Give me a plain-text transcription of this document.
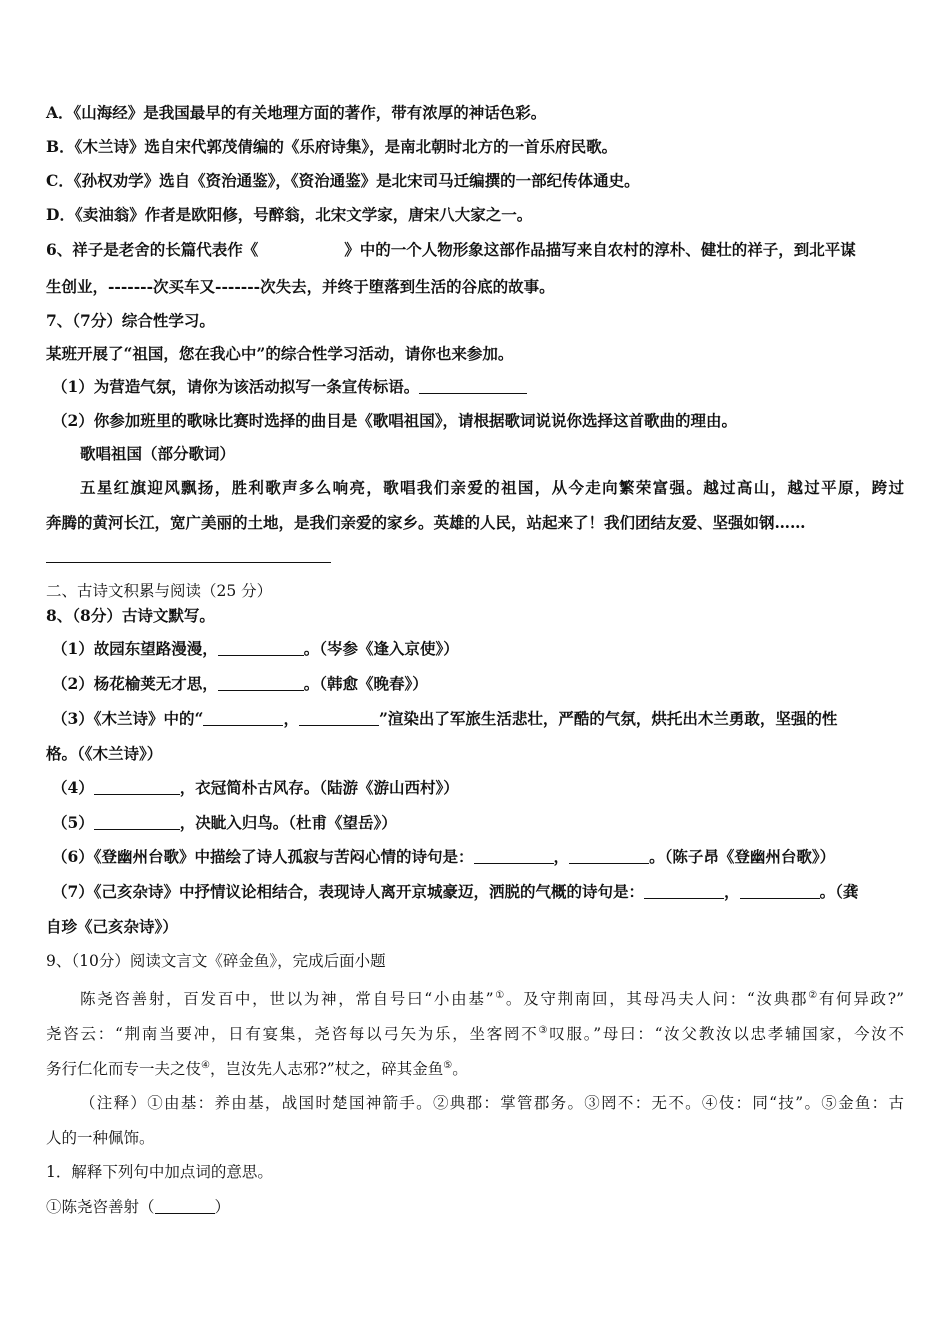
A．《山海经》是我国最早的有关地理方面的著作，带有浓厚的神话色彩。
B．《木兰诗》选自宋代郭茂倩编的《乐府诗集》，是南北朝时北方的一首乐府民歌。
C．《孙权劝学》选自《资治通鉴》，《资治通鉴》是北宋司马迁编撰的一部纪传体通史。
D．《卖油翁》作者是欧阳修，号醉翁，北宋文学家，唐宋八大家之一。
6、祥子是老舍的长篇代表作《	》中的一个人物形象这部作品描写来自农村的淳朴、健壮的祥子，到北平谋
生创业，-------次买车又-------次失去，并终于堕落到生活的谷底的故事。
7、（7分）综合性学习。
某班开展了“祖国，您在我心中”的综合性学习活动，请你也来参加。
（1）为营造气氛，请你为该活动拟写一条宣传标语。
（2）你参加班里的歌咏比赛时选择的曲目是《歌唱祖国》，请根据歌词说说你选择这首歌曲的理由。
歌唱祖国（部分歌词）
五星红旗迎风飘扬，胜利歌声多么响亮，歌唱我们亲爱的祖国，从今走向繁荣富强。越过高山，越过平原，跨过
奔腾的黄河长江，宽广美丽的土地，是我们亲爱的家乡。英雄的人民，站起来了！我们团结友爱、坚强如钢……
二、古诗文积累与阅读（25 分）
8、（8分）古诗文默写。
（1）故园东望路漫漫，	。（岑参《逢入京使》）
（2）杨花榆荚无才思，	。（韩愈《晚春》）
（3）《木兰诗》中的“	，	”渲染出了军旅生活悲壮，严酷的气氛，烘托出木兰勇敢，坚强的性
格。（《木兰诗》）
（4）	，衣冠简朴古风存。（陆游《游山西村》）
（5）	，决眦入归鸟。（杜甫《望岳》）
（6）《登幽州台歌》中描绘了诗人孤寂与苦闷心情的诗句是：	，	。（陈子昂《登幽州台歌》）
（7）《己亥杂诗》中抒情议论相结合，表现诗人离开京城豪迈，洒脱的气概的诗句是：	，	。（龚
自珍《己亥杂诗》）
9、（10分）阅读文言文《碎金鱼》，完成后面小题
陈尧咨善射，百发百中，世以为神，常自号曰“小由基”①。及守荆南回，其母冯夫人问：“汝典郡②有何异政?”
尧咨云：“荆南当要冲，日有宴集，尧咨每以弓矢为乐，坐客罔不③叹服。”母曰：“汝父教汝以忠孝辅国家，今汝不
务行仁化而专一夫之伎④，岂汝先人志邪?”杖之，碎其金鱼⑤。
（注释）①由基：养由基，战国时楚国神箭手。②典郡：掌管郡务。③罔不：无不。④伎：同“技”。⑤金鱼：古
人的一种佩饰。
1．解释下列句中加点词的意思。
①陈尧咨善射（	）
